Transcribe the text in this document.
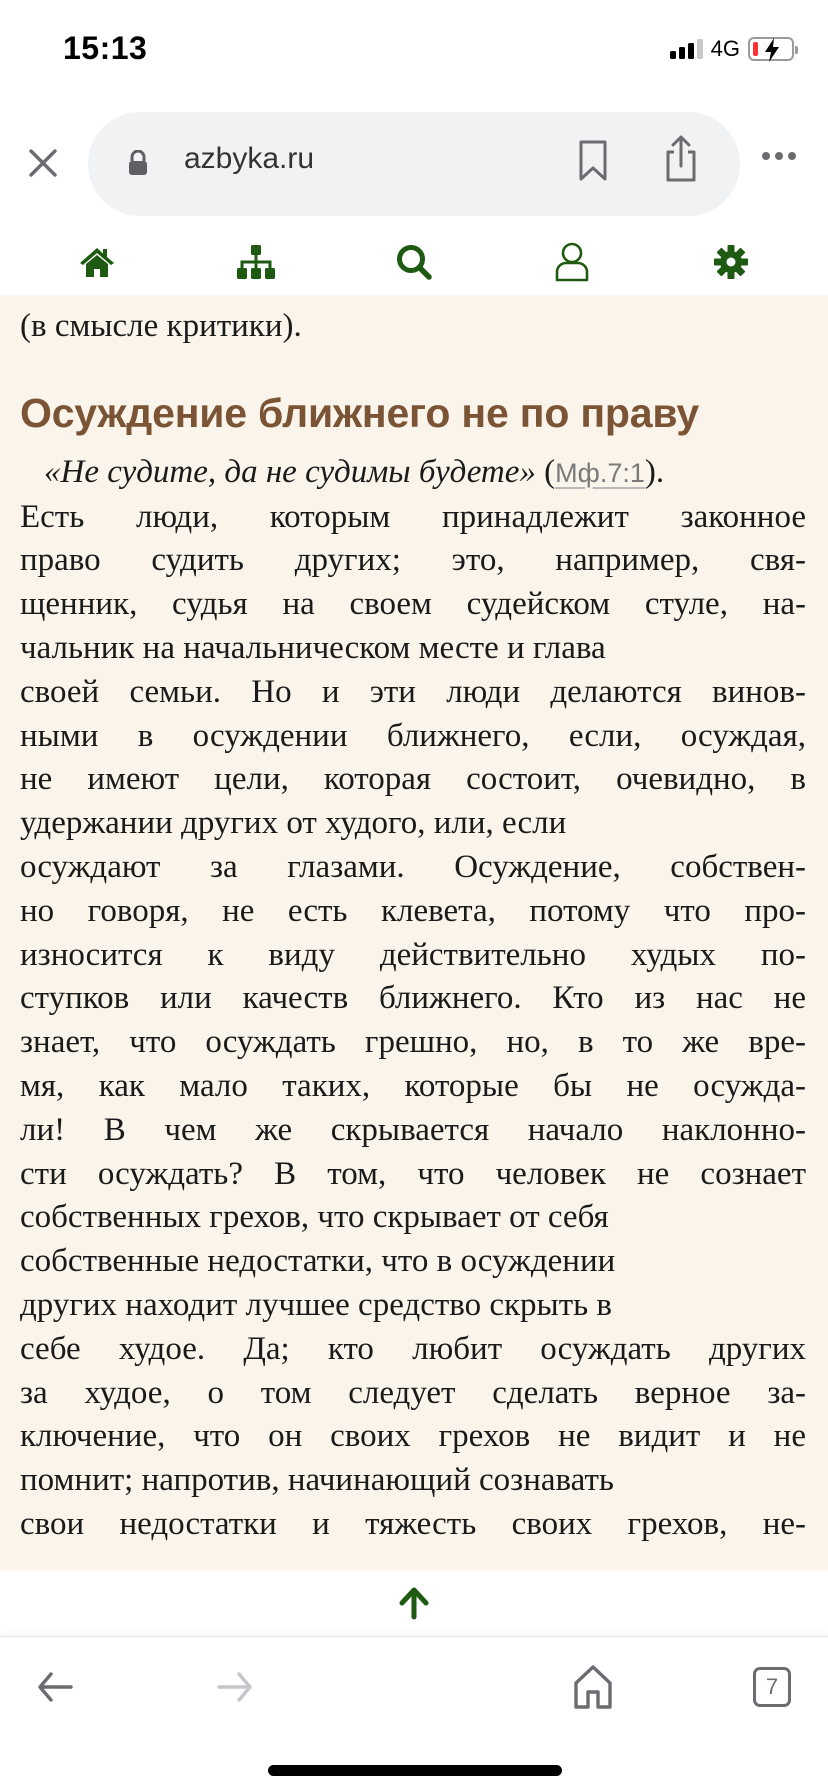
15:13	4G
azbyka.ru

(в смысле критики).
Осуждение ближнего не по праву
«Не судите, да не судимы будете» (Мф.7:1).
Есть люди, которым принадлежит законное
право судить других; это, например, свя-
щенник, судья на своем судейском стуле, на-
чальник на начальническом месте и глава
своей семьи. Но и эти люди делаются винов-
ными в осуждении ближнего, если, осуждая,
не имеют цели, которая состоит, очевидно, в
удержании других от худого, или, если
осуждают за глазами. Осуждение, собствен-
но говоря, не есть клевета, потому что про-
износится к виду действительно худых по-
ступков или качеств ближнего. Кто из нас не
знает, что осуждать грешно, но, в то же вре-
мя, как мало таких, которые бы не осужда-
ли! В чем же скрывается начало наклонно-
сти осуждать? В том, что человек не сознает
собственных грехов, что скрывает от себя
собственные недостатки, что в осуждении
других находит лучшее средство скрыть в
себе худое. Да; кто любит осуждать других
за худое, о том следует сделать верное за-
ключение, что он своих грехов не видит и не
помнит; напротив, начинающий сознавать
свои недостатки и тяжесть своих грехов, не-
7
